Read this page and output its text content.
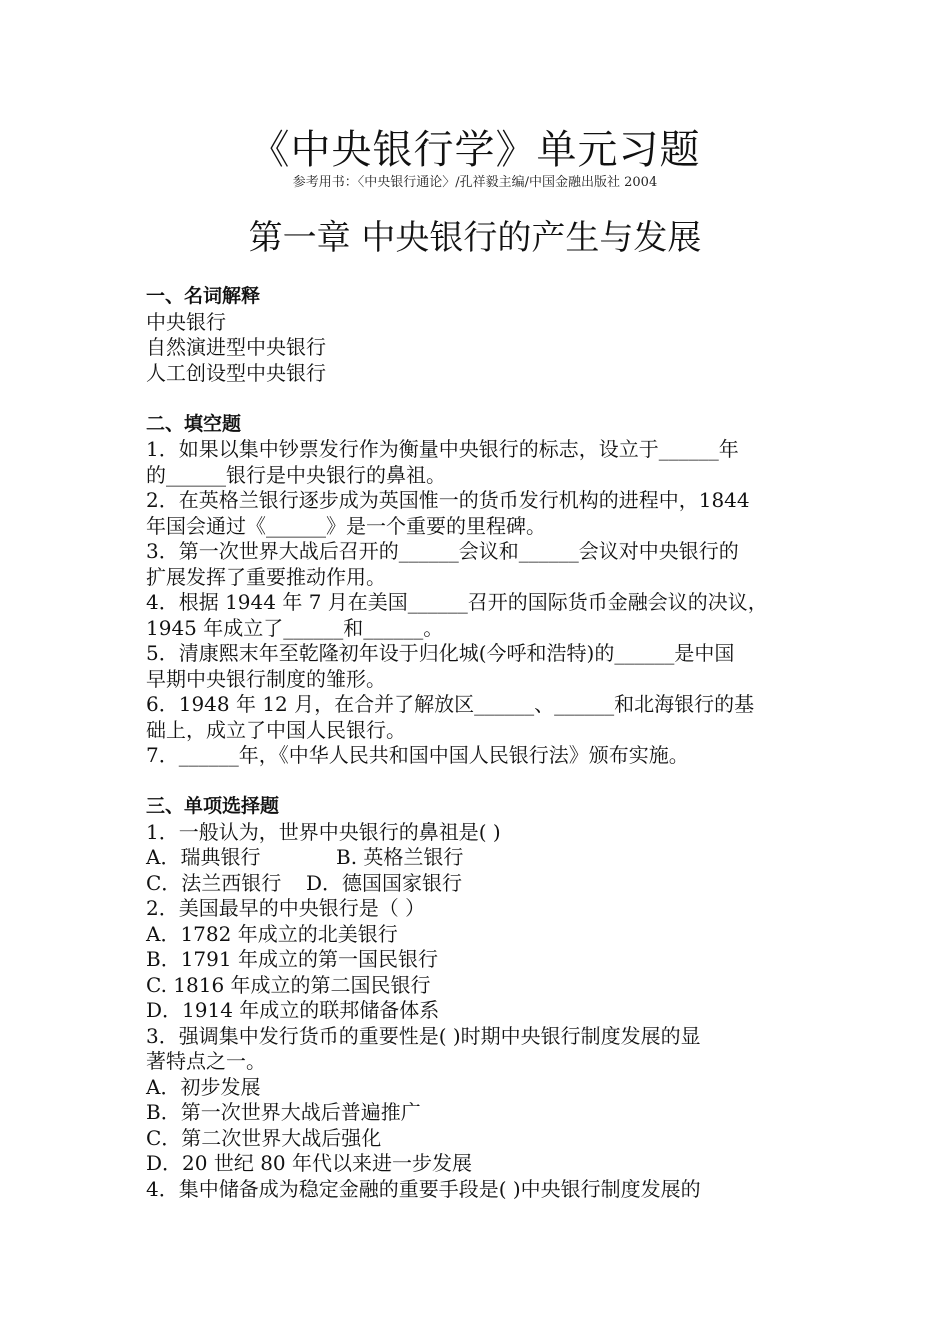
《中央银行学》单元习题
参考用书：〈中央银行通论〉/孔祥毅主编/中国金融出版社 2004
第一章 中央银行的产生与发展
一、名词解释
中央银行
自然演进型中央银行
人工创设型中央银行
二、填空题
1．如果以集中钞票发行作为衡量中央银行的标志，设立于______年
的______银行是中央银行的鼻祖。
2．在英格兰银行逐步成为英国惟一的货币发行机构的进程中，1844
年国会通过《______》是一个重要的里程碑。
3．第一次世界大战后召开的______会议和______会议对中央银行的
扩展发挥了重要推动作用。
4．根据 1944 年 7 月在美国______召开的国际货币金融会议的决议，
1945 年成立了______和______。
5．清康熙末年至乾隆初年设于归化城(今呼和浩特)的______是中国
早期中央银行制度的雏形。
6．1948 年 12 月，在合并了解放区______、______和北海银行的基
础上，成立了中国人民银行。
7．______年，《中华人民共和国中国人民银行法》颁布实施。
三、单项选择题
1．一般认为，世界中央银行的鼻祖是( )
A．瑞典银行	B. 英格兰银行
C．法兰西银行 D．德国国家银行
2．美国最早的中央银行是（ ）
A．1782 年成立的北美银行
B．1791 年成立的第一国民银行
C. 1816 年成立的第二国民银行
D．1914 年成立的联邦储备体系
3．强调集中发行货币的重要性是( )时期中央银行制度发展的显
著特点之一。
A．初步发展
B．第一次世界大战后普遍推广
C．第二次世界大战后强化
D．20 世纪 80 年代以来进一步发展
4．集中储备成为稳定金融的重要手段是( )中央银行制度发展的
